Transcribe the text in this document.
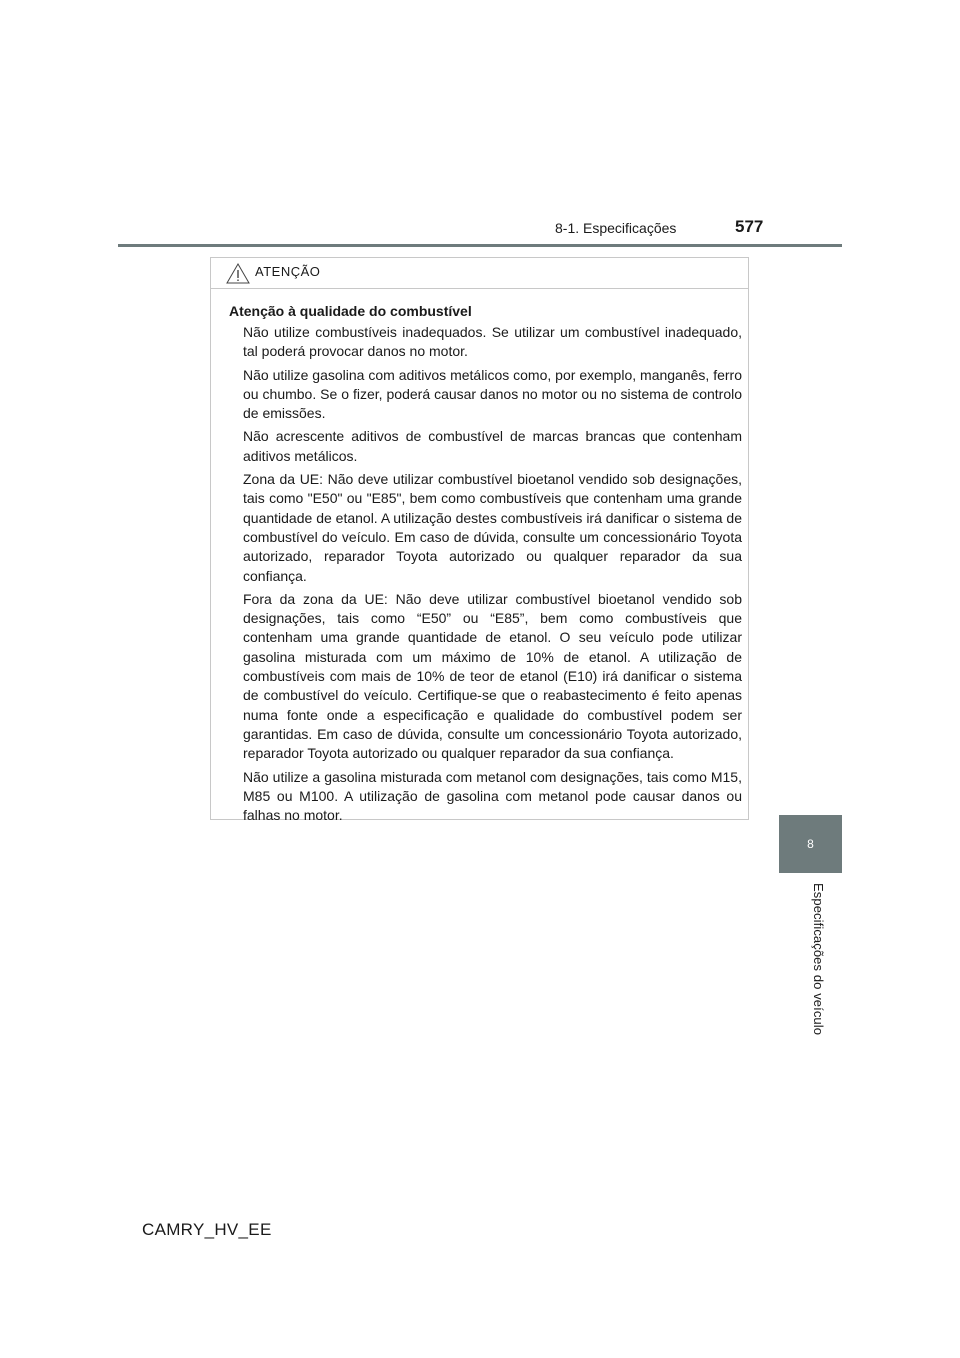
8-1. Especificações	577
8
Especificações do veículo
ATENÇÃO

Atenção à qualidade do combustível

Não utilize combustíveis inadequados. Se utilizar um combustível inadequado, tal poderá provocar danos no motor.

Não utilize gasolina com aditivos metálicos como, por exemplo, manganês, ferro ou chumbo. Se o fizer, poderá causar danos no motor ou no sistema de controlo de emissões.

Não acrescente aditivos de combustível de marcas brancas que contenham aditivos metálicos.

Zona da UE: Não deve utilizar combustível bioetanol vendido sob designações, tais como "E50" ou "E85", bem como combustíveis que contenham uma grande quantidade de etanol. A utilização destes combustíveis irá danificar o sistema de combustível do veículo. Em caso de dúvida, consulte um concessionário Toyota autorizado, reparador Toyota autorizado ou qualquer reparador da sua confiança.

Fora da zona da UE: Não deve utilizar combustível bioetanol vendido sob designações, tais como “E50” ou “E85”, bem como combustíveis que contenham uma grande quantidade de etanol. O seu veículo pode utilizar gasolina misturada com um máximo de 10% de etanol. A utilização de combustíveis com mais de 10% de teor de etanol (E10) irá danificar o sistema de combustível do veículo. Certifique-se que o reabastecimento é feito apenas numa fonte onde a especificação e qualidade do combustível podem ser garantidas. Em caso de dúvida, consulte um concessionário Toyota autorizado, reparador Toyota autorizado ou qualquer reparador da sua confiança.

Não utilize a gasolina misturada com metanol com designações, tais como M15, M85 ou M100. A utilização de gasolina com metanol pode causar danos ou falhas no motor.

CAMRY_HV_EE
